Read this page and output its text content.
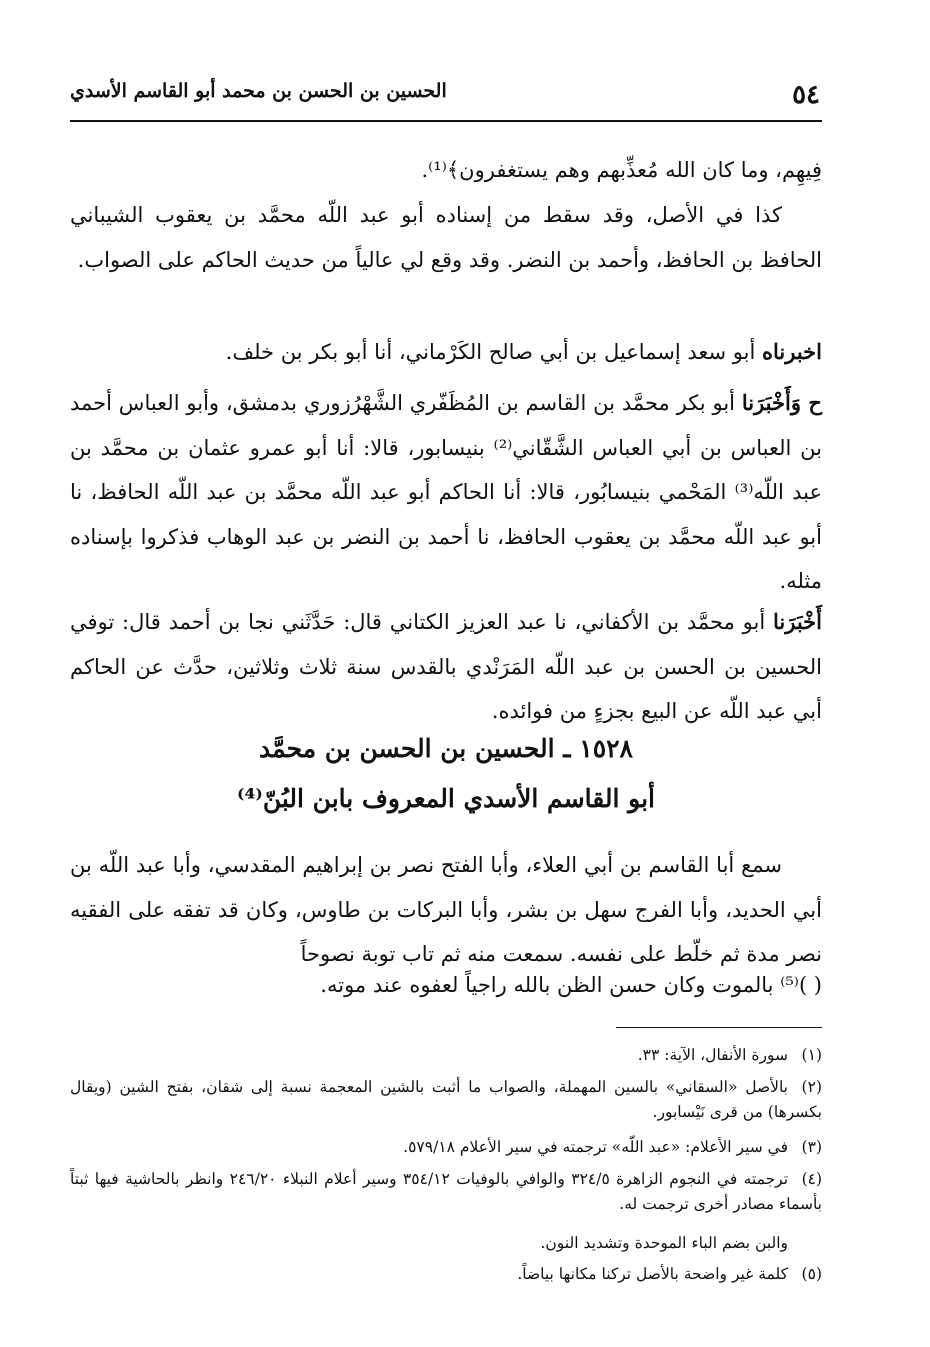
٥٤
الحسين بن الحسن بن محمد أبو القاسم الأسدي

فِيهِم، وما كان الله مُعذِّبهم وهم يستغفرون﴾⁽¹⁾.

كذا في الأصل، وقد سقط من إسناده أبو عبد اللّه محمَّد بن يعقوب الشيباني الحافظ بن الحافظ، وأحمد بن النضر. وقد وقع لي عالياً من حديث الحاكم على الصواب.

اخبرناه أبو سعد إسماعيل بن أبي صالح الكَرْماني، أنا أبو بكر بن خلف.

ح وَأَخْبَرَنا أبو بكر محمَّد بن القاسم بن المُظَفّري الشَّهْرُزوري بدمشق، وأبو العباس أحمد بن العباس بن أبي العباس الشَّقّاني⁽²⁾ بنيسابور، قالا: أنا أبو عمرو عثمان بن محمَّد بن عبد اللّه⁽³⁾ المَحْمي بنيسابُور، قالا: أنا الحاكم أبو عبد اللّه محمَّد بن عبد اللّه الحافظ، نا أبو عبد اللّه محمَّد بن يعقوب الحافظ، نا أحمد بن النضر بن عبد الوهاب فذكروا بإسناده مثله.

أَخْبَرَنا أبو محمَّد بن الأكفاني، نا عبد العزيز الكتاني قال: حَدَّثَني نجا بن أحمد قال: توفي الحسين بن الحسن بن عبد اللّه المَرَنْدي بالقدس سنة ثلاث وثلاثين، حدَّث عن الحاكم أبي عبد اللّه عن البيع بجزءٍ من فوائده.

١٥٢٨ ـ الحسين بن الحسن بن محمَّد
أبو القاسم الأسدي المعروف بابن البُنّ⁽⁴⁾

سمع أبا القاسم بن أبي العلاء، وأبا الفتح نصر بن إبراهيم المقدسي، وأبا عبد اللّه بن أبي الحديد، وأبا الفرج سهل بن بشر، وأبا البركات بن طاوس، وكان قد تفقه على الفقيه نصر مدة ثم خلّط على نفسه. سمعت منه ثم تاب توبة نصوحاً

( )⁽⁵⁾ بالموت وكان حسن الظن بالله راجياً لعفوه عند موته.

(١)سورة الأنفال، الآية: ٣٣.

(٢)بالأصل «السقاني» بالسين المهملة، والصواب ما أثبت بالشين المعجمة نسبة إلى شقان، بفتح الشين (ويقال بكسرها) من قرى نَيْسابور.

(٣)في سير الأعلام: «عبد اللّه» ترجمته في سير الأعلام ٥٧٩/١٨.

(٤)ترجمته في النجوم الزاهرة ٣٢٤/٥ والوافي بالوفيات ٣٥٤/١٢ وسير أعلام النبلاء ٢٤٦/٢٠ وانظر بالحاشية فيها ثبتاً بأسماء مصادر أخرى ترجمت له.

والبن بضم الباء الموحدة وتشديد النون.

(٥)كلمة غير واضحة بالأصل تركنا مكانها بياضاً.
